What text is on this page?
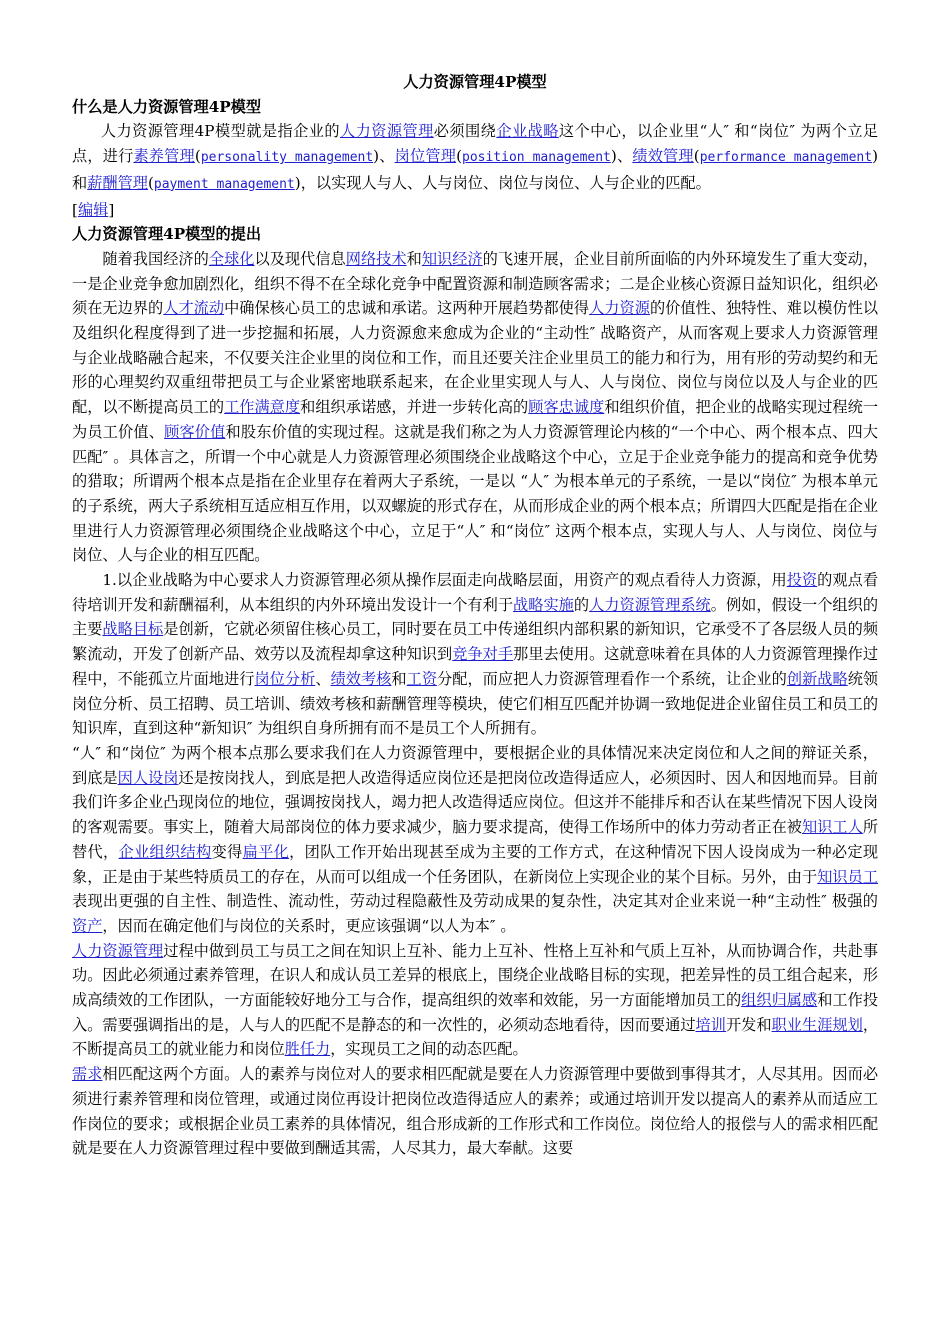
人力资源管理4P模型
什么是人力资源管理4P模型

人力资源管理4P模型就是指企业的人力资源管理必须围绕企业战略这个中心，以企业里“人″ 和“岗位″ 为两个立足点，进行素养管理(personality management)、岗位管理(position management)、绩效管理(performance management)和薪酬管理(payment management)，以实现人与人、人与岗位、岗位与岗位、人与企业的匹配。

[编辑]
人力资源管理4P模型的提出

随着我国经济的全球化以及现代信息网络技术和知识经济的飞速开展，企业目前所面临的内外环境发生了重大变动，一是企业竞争愈加剧烈化，组织不得不在全球化竞争中配置资源和制造顾客需求；二是企业核心资源日益知识化，组织必须在无边界的人才流动中确保核心员工的忠诚和承诺。这两种开展趋势都使得人力资源的价值性、独特性、难以模仿性以及组织化程度得到了进一步挖掘和拓展，人力资源愈来愈成为企业的“主动性″ 战略资产，从而客观上要求人力资源管理与企业战略融合起来，不仅要关注企业里的岗位和工作，而且还要关注企业里员工的能力和行为，用有形的劳动契约和无形的心理契约双重纽带把员工与企业紧密地联系起来，在企业里实现人与人、人与岗位、岗位与岗位以及人与企业的匹配，以不断提高员工的工作满意度和组织承诺感，并进一步转化高的顾客忠诚度和组织价值，把企业的战略实现过程统一为员工价值、顾客价值和股东价值的实现过程。这就是我们称之为人力资源管理论内核的“一个中心、两个根本点、四大匹配″ 。具体言之，所谓一个中心就是人力资源管理必须围绕企业战略这个中心，立足于企业竞争能力的提高和竞争优势的猎取；所谓两个根本点是指在企业里存在着两大子系统，一是以 “人″ 为根本单元的子系统，一是以“岗位″ 为根本单元的子系统，两大子系统相互适应相互作用，以双螺旋的形式存在，从而形成企业的两个根本点；所谓四大匹配是指在企业里进行人力资源管理必须围绕企业战略这个中心，立足于“人″ 和“岗位″ 这两个根本点，实现人与人、人与岗位、岗位与岗位、人与企业的相互匹配。

1.以企业战略为中心要求人力资源管理必须从操作层面走向战略层面，用资产的观点看待人力资源，用投资的观点看待培训开发和薪酬福利，从本组织的内外环境出发设计一个有利于战略实施的人力资源管理系统。例如，假设一个组织的主要战略目标是创新，它就必须留住核心员工，同时要在员工中传递组织内部积累的新知识，它承受不了各层级人员的频繁流动，开发了创新产品、效劳以及流程却拿这种知识到竞争对手那里去使用。这就意味着在具体的人力资源管理操作过程中，不能孤立片面地进行岗位分析、绩效考核和工资分配，而应把人力资源管理看作一个系统，让企业的创新战略统领岗位分析、员工招聘、员工培训、绩效考核和薪酬管理等模块，使它们相互匹配并协调一致地促进企业留住员工和员工的知识库，直到这种“新知识″ 为组织自身所拥有而不是员工个人所拥有。

“人″ 和“岗位″ 为两个根本点那么要求我们在人力资源管理中，要根据企业的具体情况来决定岗位和人之间的辩证关系，到底是因人设岗还是按岗找人，到底是把人改造得适应岗位还是把岗位改造得适应人，必须因时、因人和因地而异。目前我们许多企业凸现岗位的地位，强调按岗找人，竭力把人改造得适应岗位。但这并不能排斥和否认在某些情况下因人设岗的客观需要。事实上，随着大局部岗位的体力要求减少，脑力要求提高，使得工作场所中的体力劳动者正在被知识工人所替代，企业组织结构变得扁平化，团队工作开始出现甚至成为主要的工作方式，在这种情况下因人设岗成为一种必定现象，正是由于某些特质员工的存在，从而可以组成一个任务团队，在新岗位上实现企业的某个目标。另外，由于知识员工表现出更强的自主性、制造性、流动性，劳动过程隐蔽性及劳动成果的复杂性，决定其对企业来说一种“主动性″ 极强的资产，因而在确定他们与岗位的关系时，更应该强调“以人为本″ 。

人力资源管理过程中做到员工与员工之间在知识上互补、能力上互补、性格上互补和气质上互补，从而协调合作，共赴事功。因此必须通过素养管理，在识人和成认员工差异的根底上，围绕企业战略目标的实现，把差异性的员工组合起来，形成高绩效的工作团队，一方面能较好地分工与合作，提高组织的效率和效能，另一方面能增加员工的组织归属感和工作投入。需要强调指出的是，人与人的匹配不是静态的和一次性的，必须动态地看待，因而要通过培训开发和职业生涯规划，不断提高员工的就业能力和岗位胜任力，实现员工之间的动态匹配。

需求相匹配这两个方面。人的素养与岗位对人的要求相匹配就是要在人力资源管理中要做到事得其才，人尽其用。因而必须进行素养管理和岗位管理，或通过岗位再设计把岗位改造得适应人的素养；或通过培训开发以提高人的素养从而适应工作岗位的要求；或根据企业员工素养的具体情况，组合形成新的工作形式和工作岗位。岗位给人的报偿与人的需求相匹配就是要在人力资源管理过程中要做到酬适其需，人尽其力，最大奉献。这要
